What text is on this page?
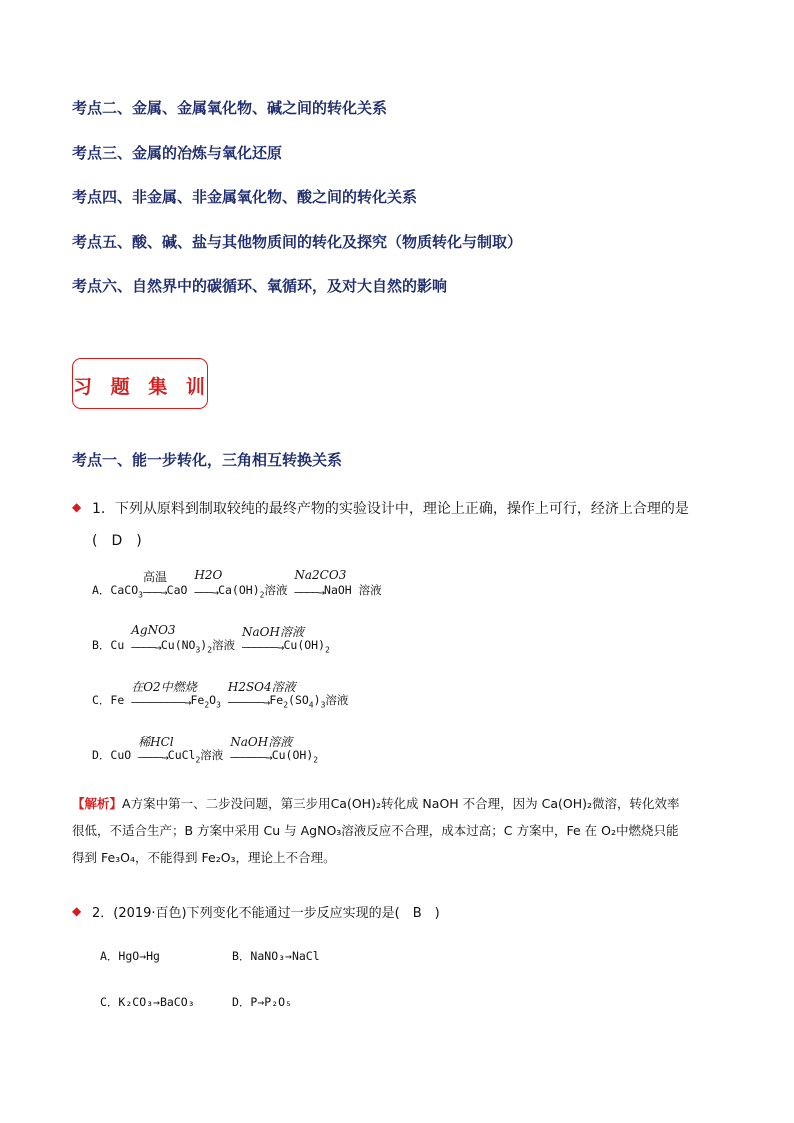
考点二、金属、金属氧化物、碱之间的转化关系
考点三、金属的冶炼与氧化还原
考点四、非金属、非金属氧化物、酸之间的转化关系
考点五、酸、碱、盐与其他物质间的转化及探究（物质转化与制取）
考点六、自然界中的碳循环、氧循环，及对大自然的影响
习 题 集 训
考点一、能一步转化，三角相互转换关系
◆ 1．下列从原料到制取较纯的最终产物的实验设计中，理论上正确，操作上可行，经济上合理的是
(　D　)
A．CaCO$_3$
高温
———→CaO
H2O
$———\to Ca(OH)_2$溶液
Na2CO3
————→NaOH 溶液
B．Cu
AgNO3
$————\to Cu(NO_3)_2$溶液
NaOH溶液
$——————\to Cu(OH)_2$
C．Fe
在O2中燃烧
$—————————\to Fe_2O_3$
H2SO4溶液
$——————\to Fe_2(SO_4)_3$溶液
D．CuO
稀HCl
————→CuCl$_2$溶液
NaOH溶液
$——————\to Cu(OH)_2$
【解析】A方案中第一、二步没问题，第三步用Ca(OH)₂转化成 NaOH 不合理，因为 Ca(OH)₂微溶，转化效率
很低，不适合生产；B 方案中采用 Cu 与 AgNO₃溶液反应不合理，成本过高；C 方案中，Fe 在 O₂中燃烧只能
得到 Fe₃O₄，不能得到 Fe₂O₃，理论上不合理。
◆ 2．(2019·百色)下列变化不能通过一步反应实现的是(　B　)
A．HgO→Hg	B．NaNO₃→NaCl
C．K₂CO₃→BaCO₃	D．P→P₂O₅
